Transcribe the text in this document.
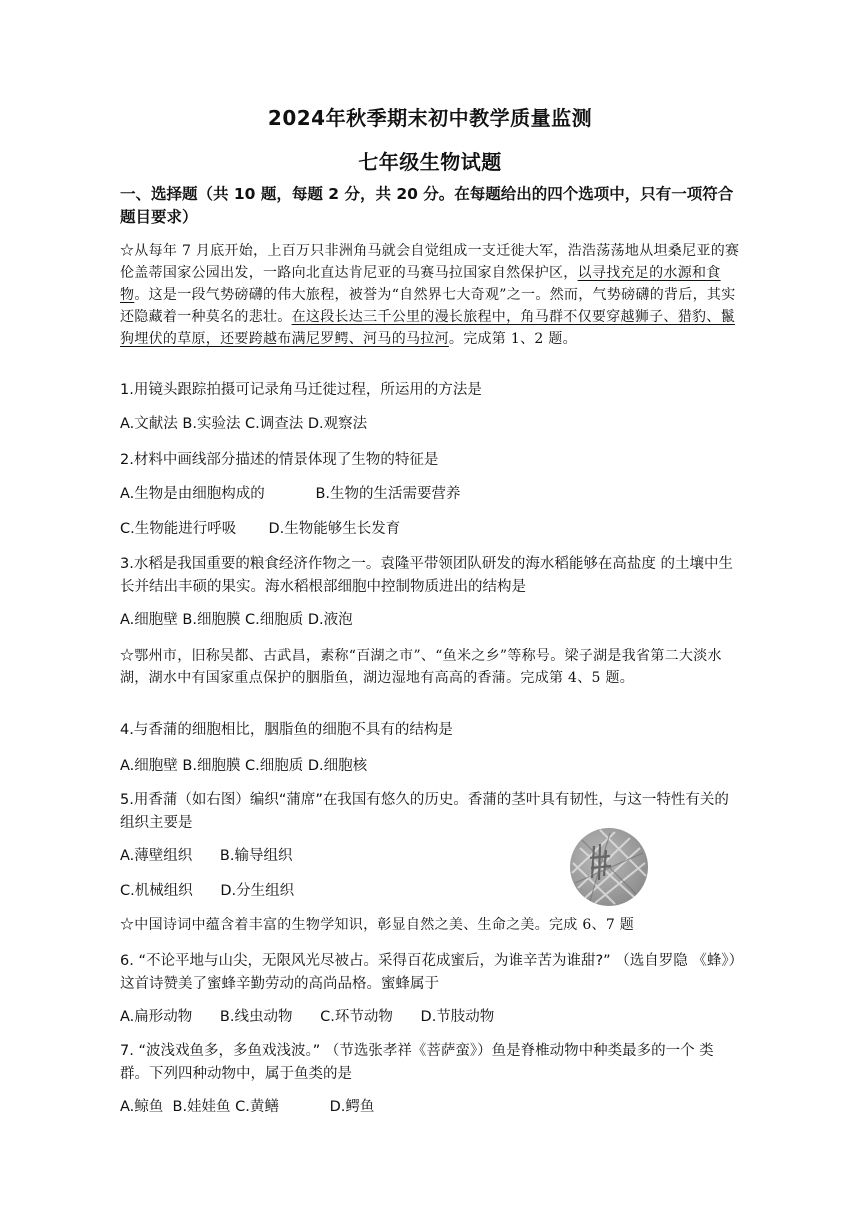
2024年秋季期末初中教学质量监测
七年级生物试题
一、选择题（共 10 题，每题 2 分，共 20 分。在每题给出的四个选项中，只有一项符合
题目要求）
☆从每年 7 月底开始，上百万只非洲角马就会自觉组成一支迁徙大军，浩浩荡荡地从坦桑尼亚的赛伦盖蒂国家公园出发，一路向北直达肯尼亚的马赛马拉国家自然保护区，以寻找充足的水源和食物。这是一段气势磅礴的伟大旅程，被誉为“自然界七大奇观”之一。然而，气势磅礴的背后，其实还隐藏着一种莫名的悲壮。在这段长达三千公里的漫长旅程中，角马群不仅要穿越狮子、猎豹、鬣狗埋伏的草原，还要跨越布满尼罗鳄、河马的马拉河。完成第 1、2 题。
1.用镜头跟踪拍摄可记录角马迁徙过程，所运用的方法是
A.文献法 B.实验法 C.调查法 D.观察法
2.材料中画线部分描述的情景体现了生物的特征是
A.生物是由细胞构成的           B.生物的生活需要营养
C.生物能进行呼吸       D.生物能够生长发育
3.水稻是我国重要的粮食经济作物之一。袁隆平带领团队研发的海水稻能够在高盐度 的土壤中生长并结出丰硕的果实。海水稻根部细胞中控制物质进出的结构是
A.细胞壁 B.细胞膜 C.细胞质 D.液泡
☆鄂州市，旧称吴都、古武昌，素称“百湖之市”、“鱼米之乡”等称号。梁子湖是我省第二大淡水湖，湖水中有国家重点保护的胭脂鱼，湖边湿地有高高的香蒲。完成第 4、5 题。
4.与香蒲的细胞相比，胭脂鱼的细胞不具有的结构是
A.细胞壁 B.细胞膜 C.细胞质 D.细胞核
5.用香蒲（如右图）编织“蒲席”在我国有悠久的历史。香蒲的茎叶具有韧性，与这一特性有关的组织主要是
A.薄壁组织      B.输导组织
C.机械组织      D.分生组织
☆中国诗词中蕴含着丰富的生物学知识，彰显自然之美、生命之美。完成 6、7 题
6. “不论平地与山尖，无限风光尽被占。采得百花成蜜后，为谁辛苦为谁甜?” （选自罗隐 《蜂》）这首诗赞美了蜜蜂辛勤劳动的高尚品格。蜜蜂属于
A.扁形动物      B.线虫动物      C.环节动物      D.节肢动物
7. “波浅戏鱼多，多鱼戏浅波。” （节选张孝祥《菩萨蛮》）鱼是脊椎动物中种类最多的一个 类群。下列四种动物中，属于鱼类的是
A.鲸鱼  B.娃娃鱼 C.黄鳝           D.鳄鱼
